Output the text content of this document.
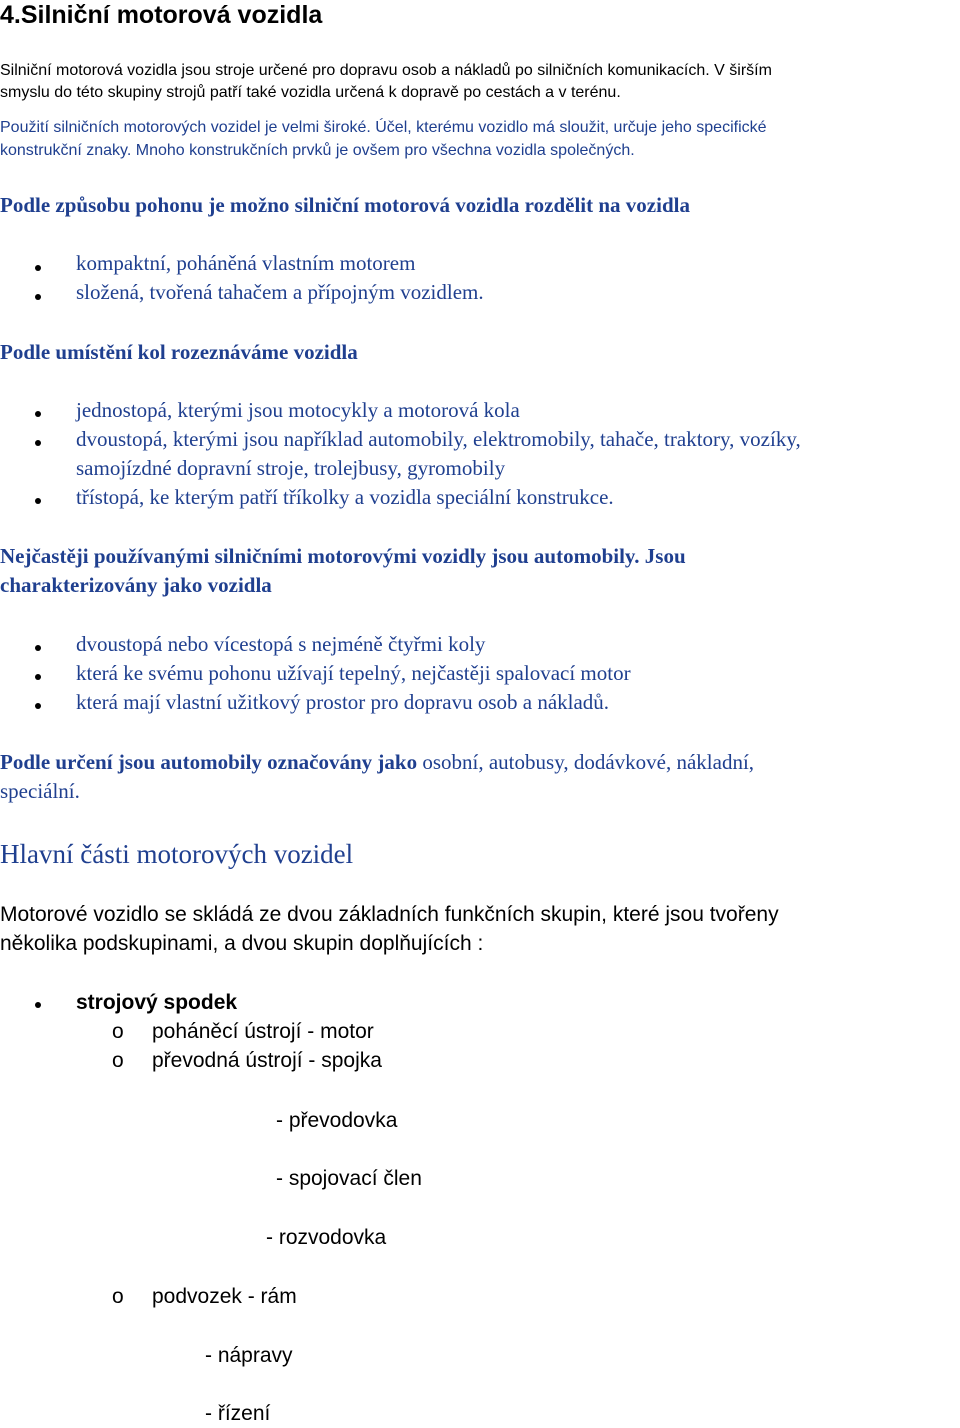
4.Silniční motorová vozidla
Silniční motorová vozidla jsou stroje určené pro dopravu osob a nákladů po silničních komunikacích. V širším
smyslu do této skupiny strojů patří také vozidla určená k dopravě po cestách a v terénu.
Použití silničních motorových vozidel je velmi široké. Účel, kterému vozidlo má sloužit, určuje jeho specifické
konstrukční znaky. Mnoho konstrukčních prvků je ovšem pro všechna vozidla společných.
Podle způsobu pohonu je možno silniční motorová vozidla rozdělit na vozidla
kompaktní, poháněná vlastním motorem
složená, tvořená tahačem a přípojným vozidlem.
Podle umístění kol rozeznáváme vozidla
jednostopá, kterými jsou motocykly a motorová kola
dvoustopá, kterými jsou například automobily, elektromobily, tahače, traktory, vozíky,
samojízdné dopravní stroje, trolejbusy, gyromobily
třístopá, ke kterým patří tříkolky a vozidla speciální konstrukce.
Nejčastěji používanými silničními motorovými vozidly jsou automobily. Jsou
charakterizovány jako vozidla
dvoustopá nebo vícestopá s nejméně čtyřmi koly
která ke svému pohonu užívají tepelný, nejčastěji spalovací motor
která mají vlastní užitkový prostor pro dopravu osob a nákladů.
Podle určení jsou automobily označovány jako osobní, autobusy, dodávkové, nákladní,
speciální.
Hlavní části motorových vozidel
Motorové vozidlo se skládá ze dvou základních funkčních skupin, které jsou tvořeny
několika podskupinami, a dvou skupin doplňujících :
strojový spodek
o poháněcí ústrojí - motor
o převodná ústrojí - spojka
- převodovka
- spojovací člen
- rozvodovka
o podvozek - rám
- nápravy
- řízení
